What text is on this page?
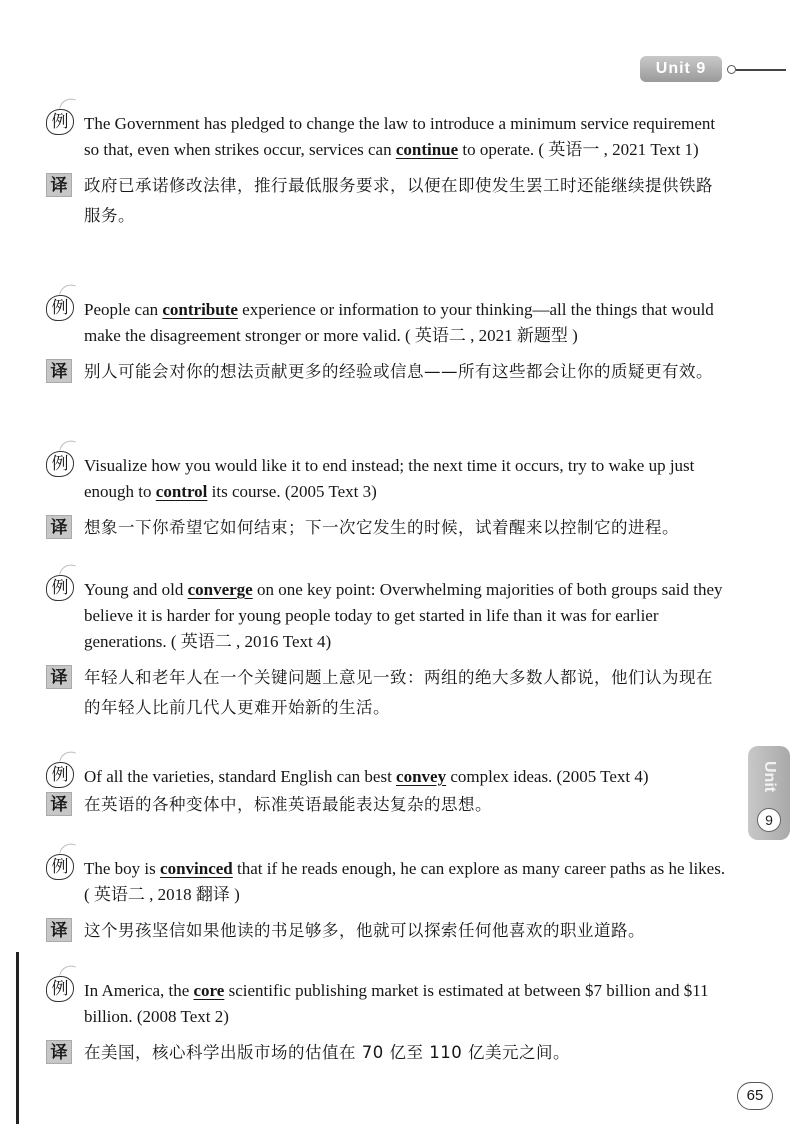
Unit 9
Unit
9
例 The Government has pledged to change the law to introduce a minimum service requirement so that, even when strikes occur, services can continue to operate. ( 英语一 , 2021 Text 1)
译 政府已承诺修改法律，推行最低服务要求，以便在即使发生罢工时还能继续提供铁路服务。
例 People can contribute experience or information to your thinking—all the things that would make the disagreement stronger or more valid. ( 英语二 , 2021 新题型 )
译 别人可能会对你的想法贡献更多的经验或信息——所有这些都会让你的质疑更有效。
例 Visualize how you would like it to end instead; the next time it occurs, try to wake up just enough to control its course. (2005 Text 3)
译 想象一下你希望它如何结束；下一次它发生的时候，试着醒来以控制它的进程。
例 Young and old converge on one key point: Overwhelming majorities of both groups said they believe it is harder for young people today to get started in life than it was for earlier generations. ( 英语二 , 2016 Text 4)
译 年轻人和老年人在一个关键问题上意见一致：两组的绝大多数人都说，他们认为现在的年轻人比前几代人更难开始新的生活。
例 Of all the varieties, standard English can best convey complex ideas. (2005 Text 4)
译 在英语的各种变体中，标准英语最能表达复杂的思想。
例 The boy is convinced that if he reads enough, he can explore as many career paths as he likes. ( 英语二 , 2018 翻译 )
译 这个男孩坚信如果他读的书足够多，他就可以探索任何他喜欢的职业道路。
例 In America, the core scientific publishing market is estimated at between $7 billion and $11 billion. (2008 Text 2)
译 在美国，核心科学出版市场的估值在 70 亿至 110 亿美元之间。
65
